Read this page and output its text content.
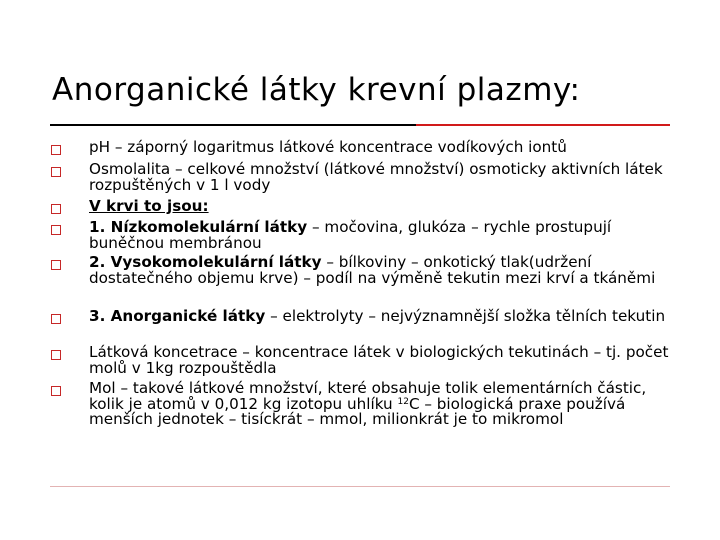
Anorganické látky krevní plazmy:
pH – záporný logaritmus látkové koncentrace vodíkových iontů
Osmolalita – celkové množství (látkové množství) osmoticky aktivních látek rozpuštěných v 1 l vody
V krvi to jsou:
1. Nízkomolekulární látky – močovina, glukóza – rychle prostupují buněčnou membránou
2. Vysokomolekulární látky – bílkoviny – onkotický tlak(udržení dostatečného objemu krve) – podíl na výměně tekutin mezi krví a tkáněmi
3. Anorganické látky – elektrolyty – nejvýznamnější složka tělních tekutin
Látková koncetrace – koncentrace látek v biologických tekutinách – tj. počet molů v 1kg rozpouštědla
Mol – takové látkové množství, které obsahuje tolik elementárních částic, kolik je atomů v 0,012 kg izotopu uhlíku $^{12}$C – biologická praxe používá menších jednotek – tisíckrát – mmol, milionkrát je to mikromol
